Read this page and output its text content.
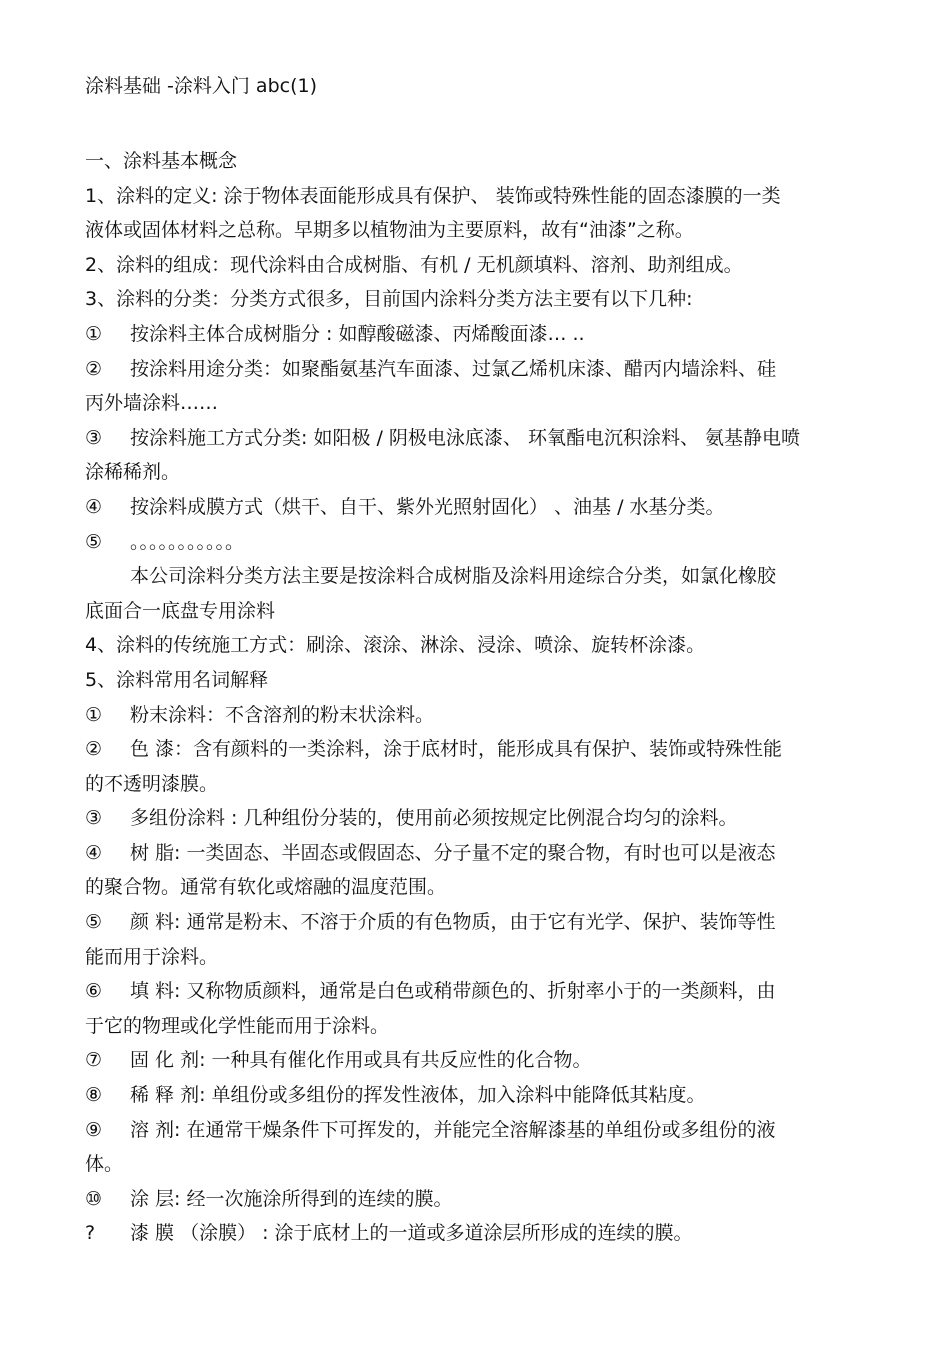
涂料基础 -涂料入门 abc(1)
一、涂料基本概念
1、涂料的定义: 涂于物体表面能形成具有保护、 装饰或特殊性能的固态漆膜的一类
液体或固体材料之总称。早期多以植物油为主要原料，故有“油漆”之称。
2、涂料的组成：现代涂料由合成树脂、有机 / 无机颜填料、溶剂、助剂组成。
3、涂料的分类：分类方式很多，目前国内涂料分类方法主要有以下几种:
① 按涂料主体合成树脂分 : 如醇酸磁漆、丙烯酸面漆… ..
② 按涂料用途分类：如聚酯氨基汽车面漆、过氯乙烯机床漆、醋丙内墙涂料、硅
丙外墙涂料……
③ 按涂料施工方式分类: 如阳极 / 阴极电泳底漆、 环氧酯电沉积涂料、 氨基静电喷
涂稀稀剂。
④ 按涂料成膜方式（烘干、自干、紫外光照射固化） 、油基 / 水基分类。
⑤ 。。。。。。。。。。。
本公司涂料分类方法主要是按涂料合成树脂及涂料用途综合分类，如氯化橡胶
底面合一底盘专用涂料
4、涂料的传统施工方式：刷涂、滚涂、淋涂、浸涂、喷涂、旋转杯涂漆。
5、涂料常用名词解释
① 粉末涂料：不含溶剂的粉末状涂料。
② 色 漆：含有颜料的一类涂料，涂于底材时，能形成具有保护、装饰或特殊性能
的不透明漆膜。
③ 多组份涂料 : 几种组份分装的，使用前必须按规定比例混合均匀的涂料。
④ 树 脂: 一类固态、半固态或假固态、分子量不定的聚合物，有时也可以是液态
的聚合物。通常有软化或熔融的温度范围。
⑤ 颜 料: 通常是粉末、不溶于介质的有色物质，由于它有光学、保护、装饰等性
能而用于涂料。
⑥ 填 料: 又称物质颜料，通常是白色或稍带颜色的、折射率小于的一类颜料，由
于它的物理或化学性能而用于涂料。
⑦ 固 化 剂: 一种具有催化作用或具有共反应性的化合物。
⑧ 稀 释 剂: 单组份或多组份的挥发性液体，加入涂料中能降低其粘度。
⑨ 溶 剂: 在通常干燥条件下可挥发的，并能完全溶解漆基的单组份或多组份的液
体。
⑩ 涂 层: 经一次施涂所得到的连续的膜。
? 漆 膜 （涂膜） : 涂于底材上的一道或多道涂层所形成的连续的膜。
